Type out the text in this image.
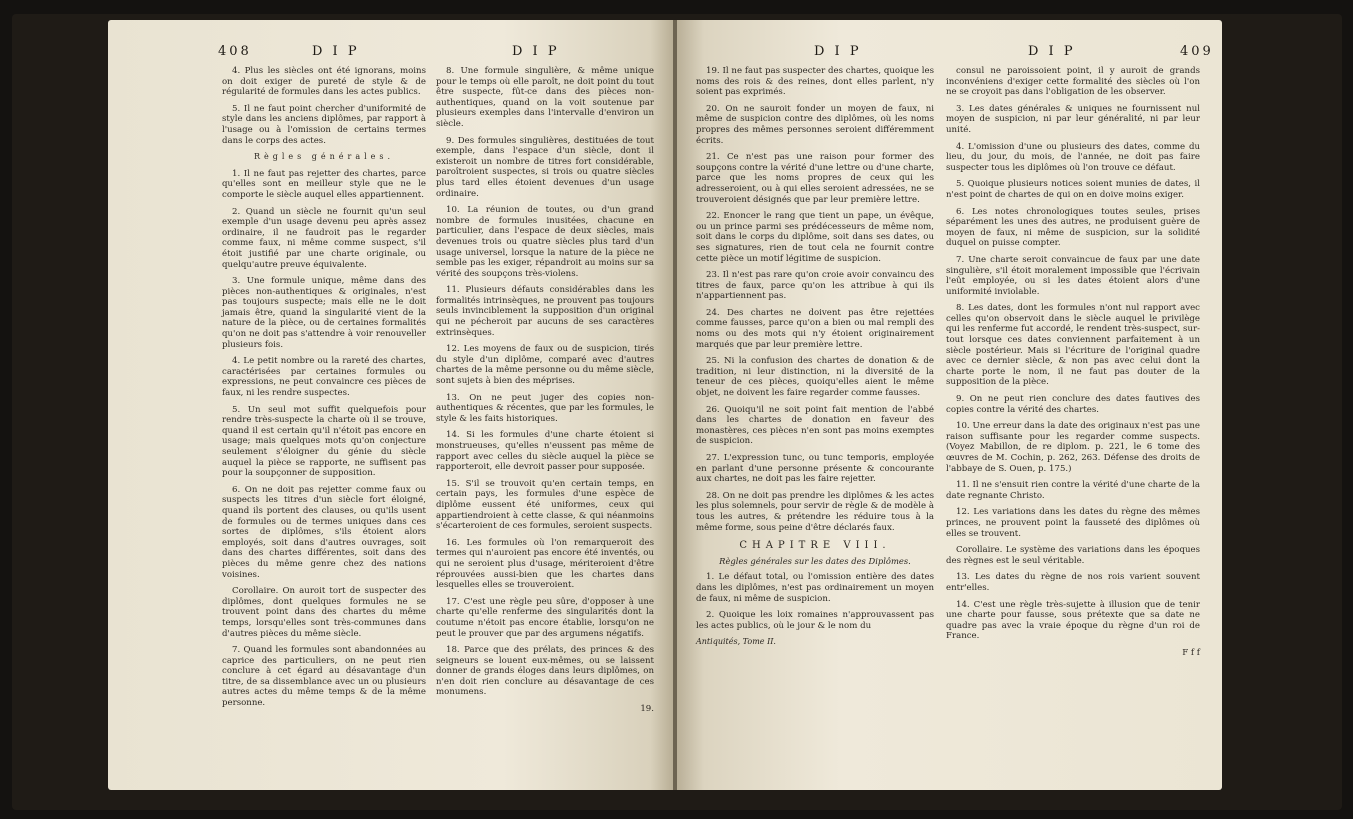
408	D I P	D I P

4. Plus les siècles ont été ignorans, moins on doit exiger de pureté de style & de régularité de formules dans les actes publics.

5. Il ne faut point chercher d'uniformité de style dans les anciens diplômes, par rapport à l'usage ou à l'omission de certains termes dans le corps des actes.

Règles générales.

1. Il ne faut pas rejetter des chartes, parce qu'elles sont en meilleur style que ne le comporte le siècle auquel elles appartiennent.

2. Quand un siècle ne fournit qu'un seul exemple d'un usage devenu peu après assez ordinaire, il ne faudroit pas le regarder comme faux, ni même comme suspect, s'il étoit justifié par une charte originale, ou quelqu'autre preuve équivalente.

3. Une formule unique, même dans des pièces non-authentiques & originales, n'est pas toujours suspecte; mais elle ne le doit jamais être, quand la singularité vient de la nature de la pièce, ou de certaines formalités qu'on ne doit pas s'attendre à voir renouveller plusieurs fois.

4. Le petit nombre ou la rareté des chartes, caractérisées par certaines formules ou expressions, ne peut convaincre ces pièces de faux, ni les rendre suspectes.

5. Un seul mot suffit quelquefois pour rendre très-suspecte la charte où il se trouve, quand il est certain qu'il n'étoit pas encore en usage; mais quelques mots qu'on conjecture seulement s'éloigner du génie du siècle auquel la pièce se rapporte, ne suffisent pas pour la soupçonner de supposition.

6. On ne doit pas rejetter comme faux ou suspects les titres d'un siècle fort éloigné, quand ils portent des clauses, ou qu'ils usent de formules ou de termes uniques dans ces sortes de diplômes, s'ils étoient alors employés, soit dans d'autres ouvrages, soit dans des chartes différentes, soit dans des pièces du même genre chez des nations voisines.

Corollaire. On auroit tort de suspecter des diplômes, dont quelques formules ne se trouvent point dans des chartes du même temps, lorsqu'elles sont très-communes dans d'autres pièces du même siècle.

7. Quand les formules sont abandonnées au caprice des particuliers, on ne peut rien conclure à cet égard au désavantage d'un titre, de sa dissemblance avec un ou plusieurs autres actes du même temps & de la même personne.

8. Une formule singulière, & même unique pour le temps où elle paroît, ne doit point du tout être suspecte, fût-ce dans des pièces non-authentiques, quand on la voit soutenue par plusieurs exemples dans l'intervalle d'environ un siècle.

9. Des formules singulières, destituées de tout exemple, dans l'espace d'un siècle, dont il existeroit un nombre de titres fort considérable, paroîtroient suspectes, si trois ou quatre siècles plus tard elles étoient devenues d'un usage ordinaire.

10. La réunion de toutes, ou d'un grand nombre de formules inusitées, chacune en particulier, dans l'espace de deux siècles, mais devenues trois ou quatre siècles plus tard d'un usage universel, lorsque la nature de la pièce ne semble pas les exiger, répandroit au moins sur sa vérité des soupçons très-violens.

11. Plusieurs défauts considérables dans les formalités intrinsèques, ne prouvent pas toujours seuls invinciblement la supposition d'un original qui ne pécheroit par aucuns de ses caractères extrinsèques.

12. Les moyens de faux ou de suspicion, tirés du style d'un diplôme, comparé avec d'autres chartes de la même personne ou du même siècle, sont sujets à bien des méprises.

13. On ne peut juger des copies non-authentiques & récentes, que par les formules, le style & les faits historiques.

14. Si les formules d'une charte étoient si monstrueuses, qu'elles n'eussent pas même de rapport avec celles du siècle auquel la pièce se rapporteroit, elle devroit passer pour supposée.

15. S'il se trouvoit qu'en certain temps, en certain pays, les formules d'une espèce de diplôme eussent été uniformes, ceux qui appartiendroient à cette classe, & qui néanmoins s'écarteroient de ces formules, seroient suspects.

16. Les formules où l'on remarqueroit des termes qui n'auroient pas encore été inventés, ou qui ne seroient plus d'usage, mériteroient d'être réprouvées aussi-bien que les chartes dans lesquelles elles se trouveroient.

17. C'est une règle peu sûre, d'opposer à une charte qu'elle renferme des singularités dont la coutume n'étoit pas encore établie, lorsqu'on ne peut le prouver que par des argumens négatifs.

18. Parce que des prélats, des princes & des seigneurs se louent eux-mêmes, ou se laissent donner de grands éloges dans leurs diplômes, on n'en doit rien conclure au désavantage de ces monumens.

19.
D I P	D I P	409

19. Il ne faut pas suspecter des chartes, quoique les noms des rois & des reines, dont elles parlent, n'y soient pas exprimés.

20. On ne sauroit fonder un moyen de faux, ni même de suspicion contre des diplômes, où les noms propres des mêmes personnes seroient différemment écrits.

21. Ce n'est pas une raison pour former des soupçons contre la vérité d'une lettre ou d'une charte, parce que les noms propres de ceux qui les adresseroient, ou à qui elles seroient adressées, ne se trouveroient désignés que par leur première lettre.

22. Enoncer le rang que tient un pape, un évêque, ou un prince parmi ses prédécesseurs de même nom, soit dans le corps du diplôme, soit dans ses dates, ou ses signatures, rien de tout cela ne fournit contre cette pièce un motif légitime de suspicion.

23. Il n'est pas rare qu'on croie avoir convaincu des titres de faux, parce qu'on les attribue à qui ils n'appartiennent pas.

24. Des chartes ne doivent pas être rejettées comme fausses, parce qu'on a bien ou mal rempli des noms ou des mots qui n'y étoient originairement marqués que par leur première lettre.

25. Ni la confusion des chartes de donation & de tradition, ni leur distinction, ni la diversité de la teneur de ces pièces, quoiqu'elles aient le même objet, ne doivent les faire regarder comme fausses.

26. Quoiqu'il ne soit point fait mention de l'abbé dans les chartes de donation en faveur des monastères, ces pièces n'en sont pas moins exemptes de suspicion.

27. L'expression tunc, ou tunc temporis, employée en parlant d'une personne présente & concourante aux chartes, ne doit pas les faire rejetter.

28. On ne doit pas prendre les diplômes & les actes les plus solemnels, pour servir de règle & de modèle à tous les autres, & prétendre les réduire tous à la même forme, sous peine d'être déclarés faux.

CHAPITRE VIII.
Règles générales sur les dates des Diplômes.

1. Le défaut total, ou l'omission entière des dates dans les diplômes, n'est pas ordinairement un moyen de faux, ni même de suspicion.

2. Quoique les loix romaines n'approuvassent pas les actes publics, où le jour & le nom du

Antiquités, Tome II.

consul ne paroissoient point, il y auroit de grands inconvéniens d'exiger cette formalité des siècles où l'on ne se croyoit pas dans l'obligation de les observer.

3. Les dates générales & uniques ne fournissent nul moyen de suspicion, ni par leur généralité, ni par leur unité.

4. L'omission d'une ou plusieurs des dates, comme du lieu, du jour, du mois, de l'année, ne doit pas faire suspecter tous les diplômes où l'on trouve ce défaut.

5. Quoique plusieurs notices soient munies de dates, il n'est point de chartes de qui on en doive moins exiger.

6. Les notes chronologiques toutes seules, prises séparément les unes des autres, ne produisent guère de moyen de faux, ni même de suspicion, sur la solidité duquel on puisse compter.

7. Une charte seroit convaincue de faux par une date singulière, s'il étoit moralement impossible que l'écrivain l'eût employée, ou si les dates étoient alors d'une uniformité inviolable.

8. Les dates, dont les formules n'ont nul rapport avec celles qu'on observoit dans le siècle auquel le privilège qui les renferme fut accordé, le rendent très-suspect, sur-tout lorsque ces dates conviennent parfaitement à un siècle postérieur. Mais si l'écriture de l'original quadre avec ce dernier siècle, & non pas avec celui dont la charte porte le nom, il ne faut pas douter de la supposition de la pièce.

9. On ne peut rien conclure des dates fautives des copies contre la vérité des chartes.

10. Une erreur dans la date des originaux n'est pas une raison suffisante pour les regarder comme suspects. (Voyez Mabillon, de re diplom. p. 221, le 6 tome des œuvres de M. Cochin, p. 262, 263. Défense des droits de l'abbaye de S. Ouen, p. 175.)

11. Il ne s'ensuit rien contre la vérité d'une charte de la date regnante Christo.

12. Les variations dans les dates du règne des mêmes princes, ne prouvent point la fausseté des diplômes où elles se trouvent.

Corollaire. Le système des variations dans les époques des règnes est le seul véritable.

13. Les dates du règne de nos rois varient souvent entr'elles.

14. C'est une règle très-sujette à illusion que de tenir une charte pour fausse, sous prétexte que sa date ne quadre pas avec la vraie époque du règne d'un roi de France.

F f f
